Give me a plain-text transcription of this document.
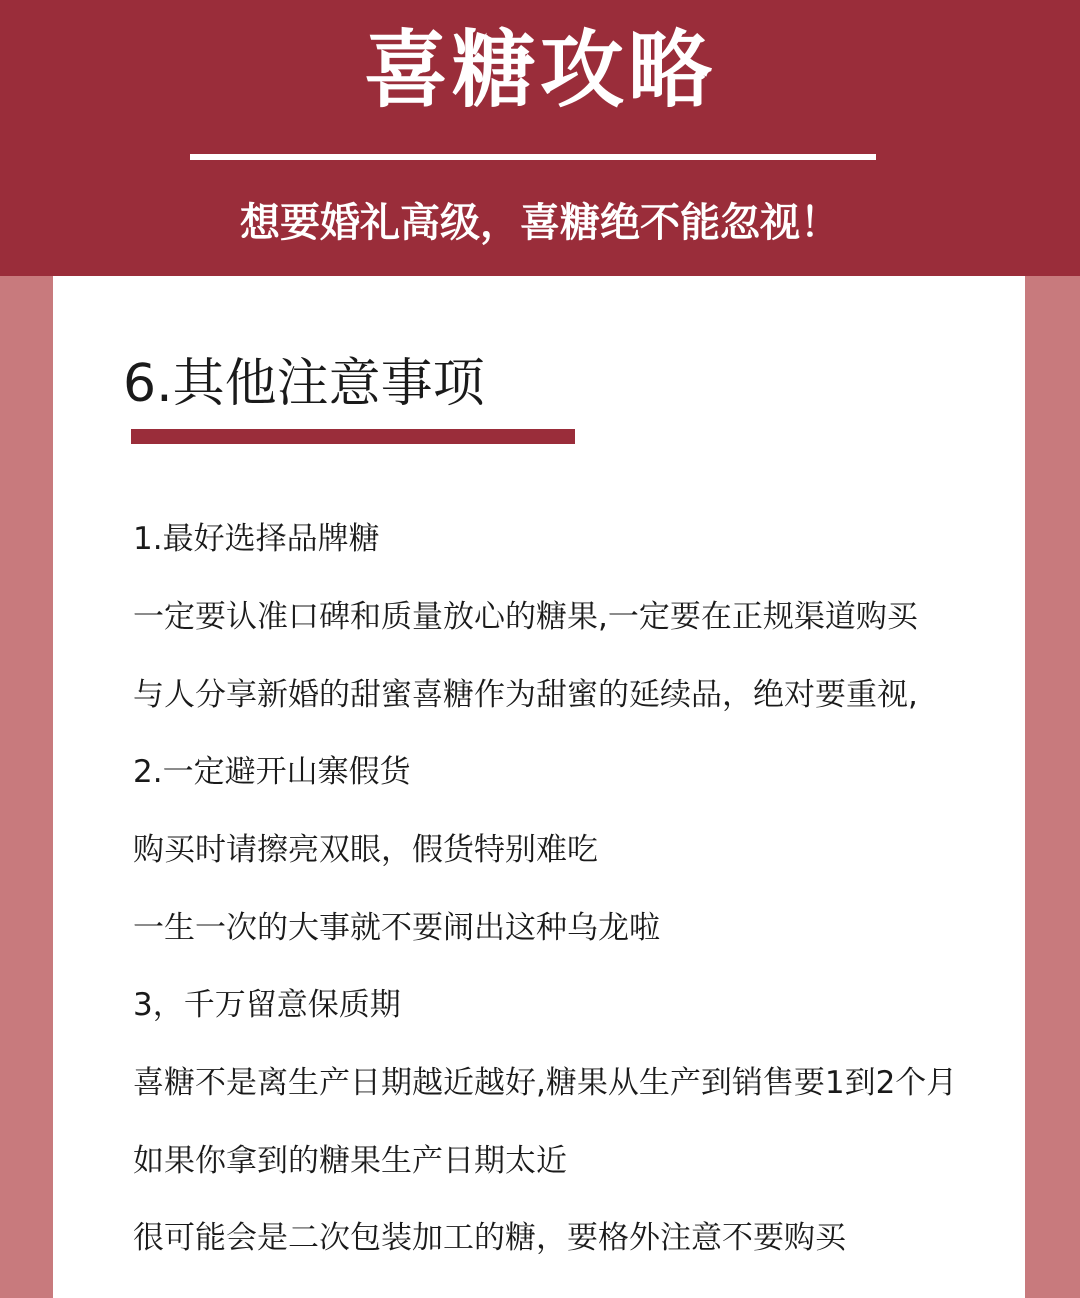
喜糖攻略
想要婚礼高级，喜糖绝不能忽视！
6.其他注意事项
1.最好选择品牌糖
一定要认准口碑和质量放心的糖果,一定要在正规渠道购买
与人分享新婚的甜蜜喜糖作为甜蜜的延续品，绝对要重视,
2.一定避开山寨假货
购买时请擦亮双眼，假货特别难吃
一生一次的大事就不要闹出这种乌龙啦
3，千万留意保质期
喜糖不是离生产日期越近越好,糖果从生产到销售要1到2个月
如果你拿到的糖果生产日期太近
很可能会是二次包装加工的糖，要格外注意不要购买
